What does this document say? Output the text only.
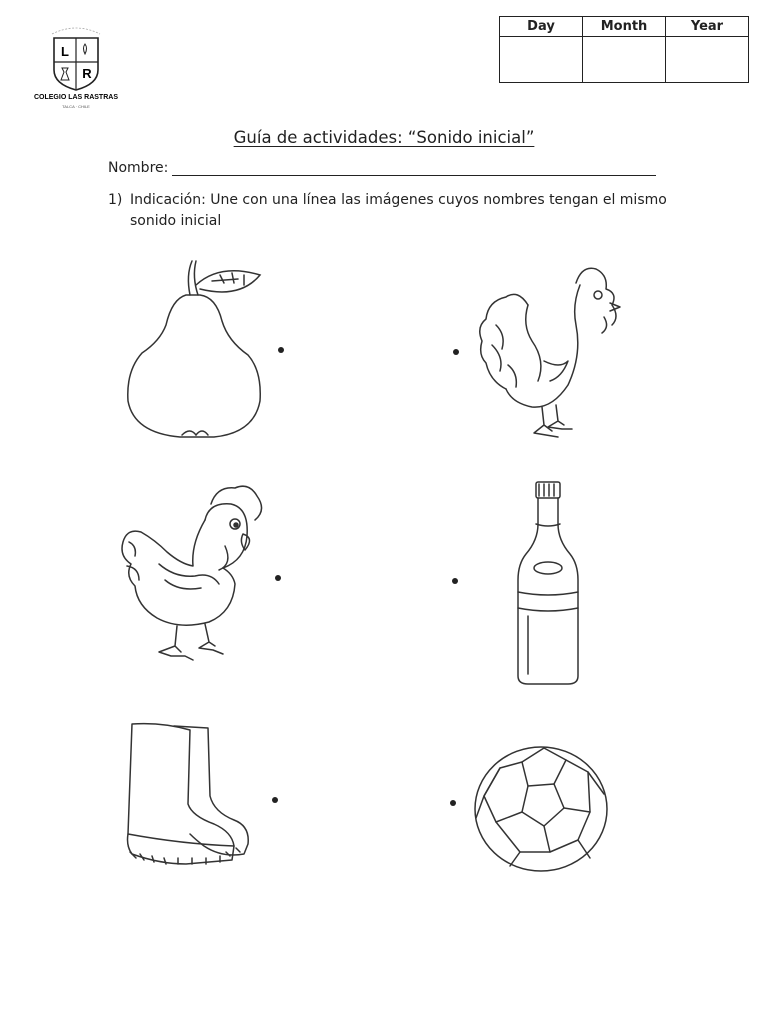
L
R
COLEGIO LAS RASTRAS
TALCA · CHILE
Day	Month	Year

Guía de actividades: “Sonido inicial”
Nombre:
1) Indicación: Une con una línea las imágenes cuyos nombres tengan el mismo sonido inicial
